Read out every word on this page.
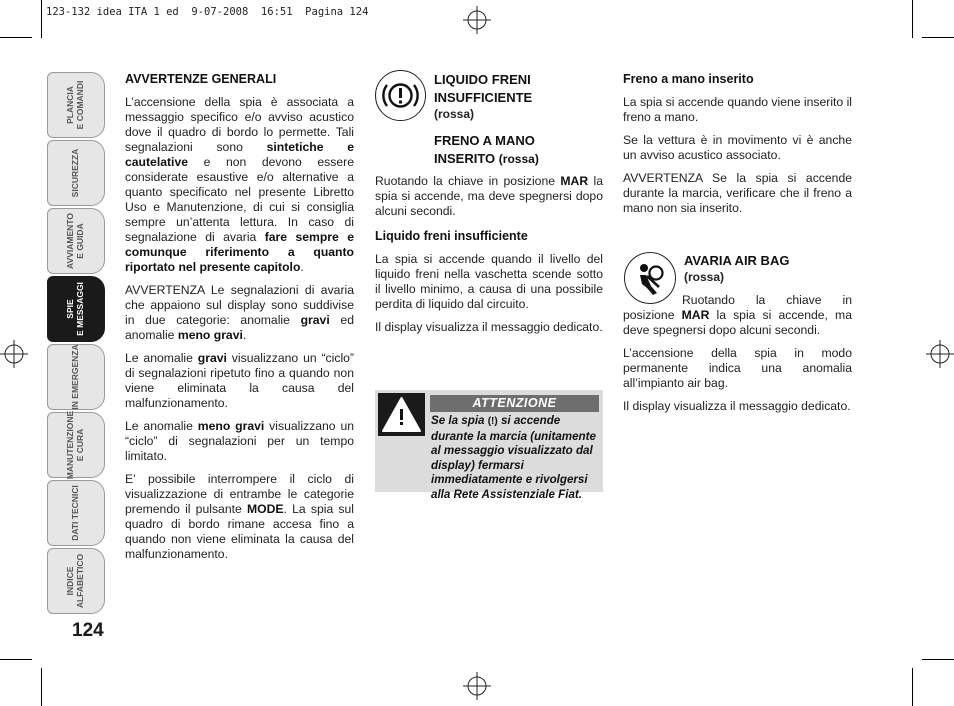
123-132 idea ITA 1 ed  9-07-2008  16:51  Pagina 124
PLANCIA
E COMANDI
SICUREZZA
AVVIAMENTO
E GUIDA
SPIE
E MESSAGGI
IN EMERGENZA
MANUTENZIONE
E CURA
DATI TECNICI
INDICE
ALFABETICO
124
AVVERTENZE GENERALI

L’accensione della spia è associata a messaggio specifico e/o avviso acustico dove il quadro di bordo lo permette. Tali segnalazioni sono sintetiche e cautelative e non devono essere considerate esaustive e/o alternative a quanto specificato nel presente Libretto Uso e Manutenzione, di cui si consiglia sempre un’attenta lettura. In caso di segnalazione di avaria fare sempre e comunque riferimento a quanto riportato nel presente capitolo.

AVVERTENZA Le segnalazioni di avaria che appaiono sul display sono suddivise in due categorie: anomalie gravi ed anomalie meno gravi.

Le anomalie gravi visualizzano un “ciclo” di segnalazioni ripetuto fino a quando non viene eliminata la causa del malfunzionamento.

Le anomalie meno gravi visualizzano un “ciclo” di segnalazioni per un tempo limitato.

E’ possibile interrompere il ciclo di visualizzazione di entrambe le categorie premendo il pulsante MODE. La spia sul quadro di bordo rimane accesa fino a quando non viene eliminata la causa del malfunzionamento.

LIQUIDO FRENI
INSUFFICIENTE
(rossa)
FRENO A MANO
INSERITO (rossa)

Ruotando la chiave in posizione MAR la spia si accende, ma deve spegnersi dopo alcuni secondi.

Liquido freni insufficiente

La spia si accende quando il livello del liquido freni nella vaschetta scende sotto il livello minimo, a causa di una possibile perdita di liquido dal circuito.

Il display visualizza il messaggio dedicato.

ATTENZIONE
Se la spia (!) si accende durante la marcia (unitamente al messaggio visualizzato dal display) fermarsi immediatamente e rivolgersi alla Rete Assistenziale Fiat.
Freno a mano inserito

La spia si accende quando viene inserito il freno a mano.

Se la vettura è in movimento vi è anche un avviso acustico associato.

AVVERTENZA Se la spia si accende durante la marcia, verificare che il freno a mano non sia inserito.

AVARIA AIR BAG
(rossa)

Ruotando la chiave in posizione MAR la spia si accende, ma deve spegnersi dopo alcuni secondi.

L’accensione della spia in modo permanente indica una anomalia all’impianto air bag.

Il display visualizza il messaggio dedicato.
